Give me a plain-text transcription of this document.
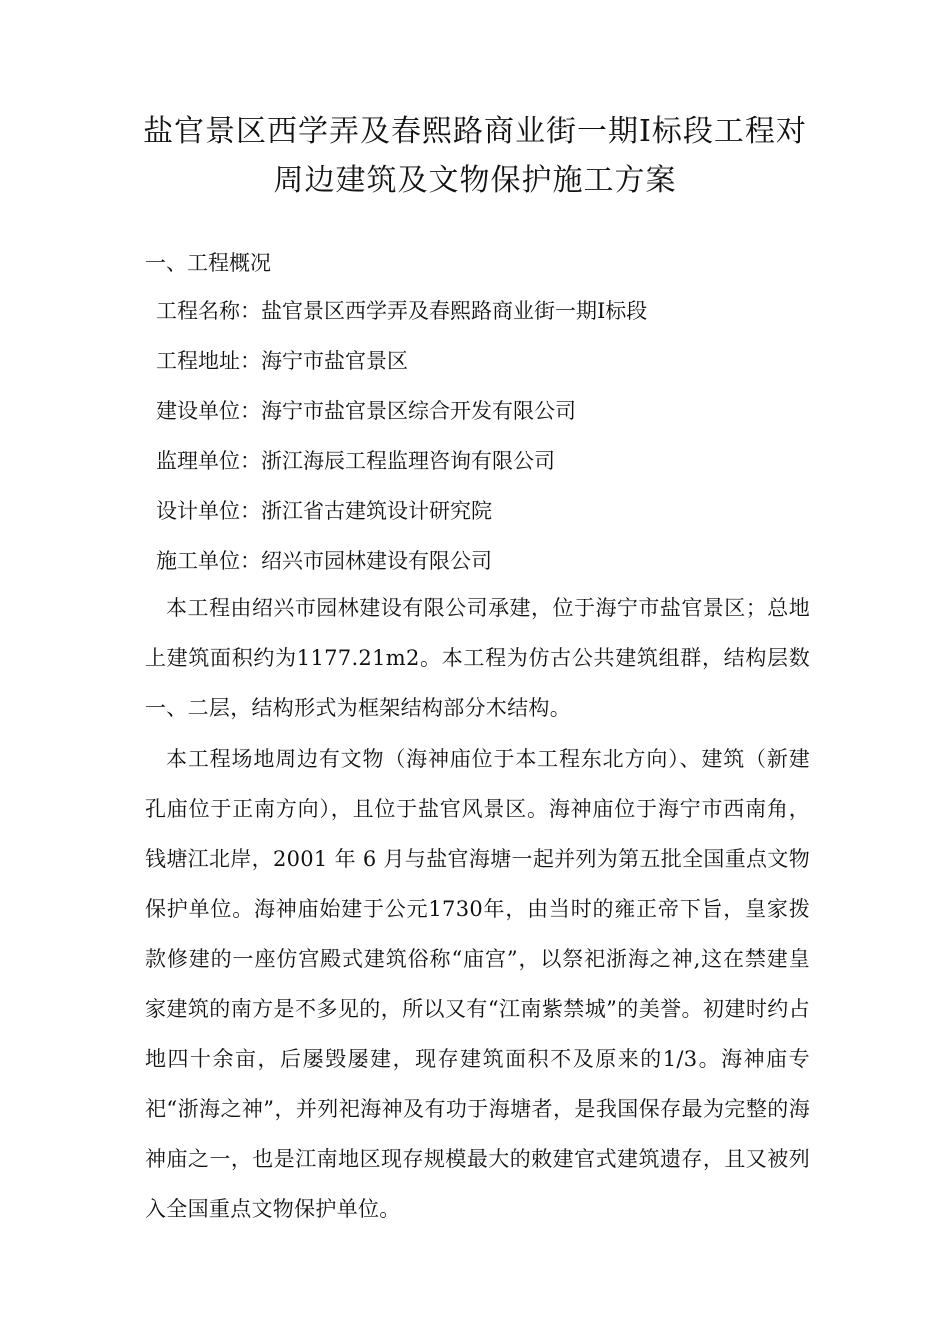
盐官景区西学弄及春熙路商业街一期Ⅰ标段工程对
周边建筑及文物保护施工方案
一、工程概况
工程名称：盐官景区西学弄及春熙路商业街一期Ⅰ标段
工程地址：海宁市盐官景区
建设单位：海宁市盐官景区综合开发有限公司
监理单位：浙江海辰工程监理咨询有限公司
设计单位：浙江省古建筑设计研究院
施工单位：绍兴市园林建设有限公司

本工程由绍兴市园林建设有限公司承建，位于海宁市盐官景区；总地上建筑面积约为1177.21m2。本工程为仿古公共建筑组群，结构层数一、二层，结构形式为框架结构部分木结构。

本工程场地周边有文物（海神庙位于本工程东北方向）、建筑（新建孔庙位于正南方向），且位于盐官风景区。海神庙位于海宁市西南角，钱塘江北岸，2001 年 6 月与盐官海塘一起并列为第五批全国重点文物保护单位。海神庙始建于公元1730年，由当时的雍正帝下旨，皇家拨款修建的一座仿宫殿式建筑俗称“庙宫”，以祭祀浙海之神,这在禁建皇家建筑的南方是不多见的，所以又有“江南紫禁城”的美誉。初建时约占地四十余亩，后屡毁屡建，现存建筑面积不及原来的1/3。海神庙专祀“浙海之神”，并列祀海神及有功于海塘者，是我国保存最为完整的海神庙之一，也是江南地区现存规模最大的敕建官式建筑遗存，且又被列入全国重点文物保护单位。
